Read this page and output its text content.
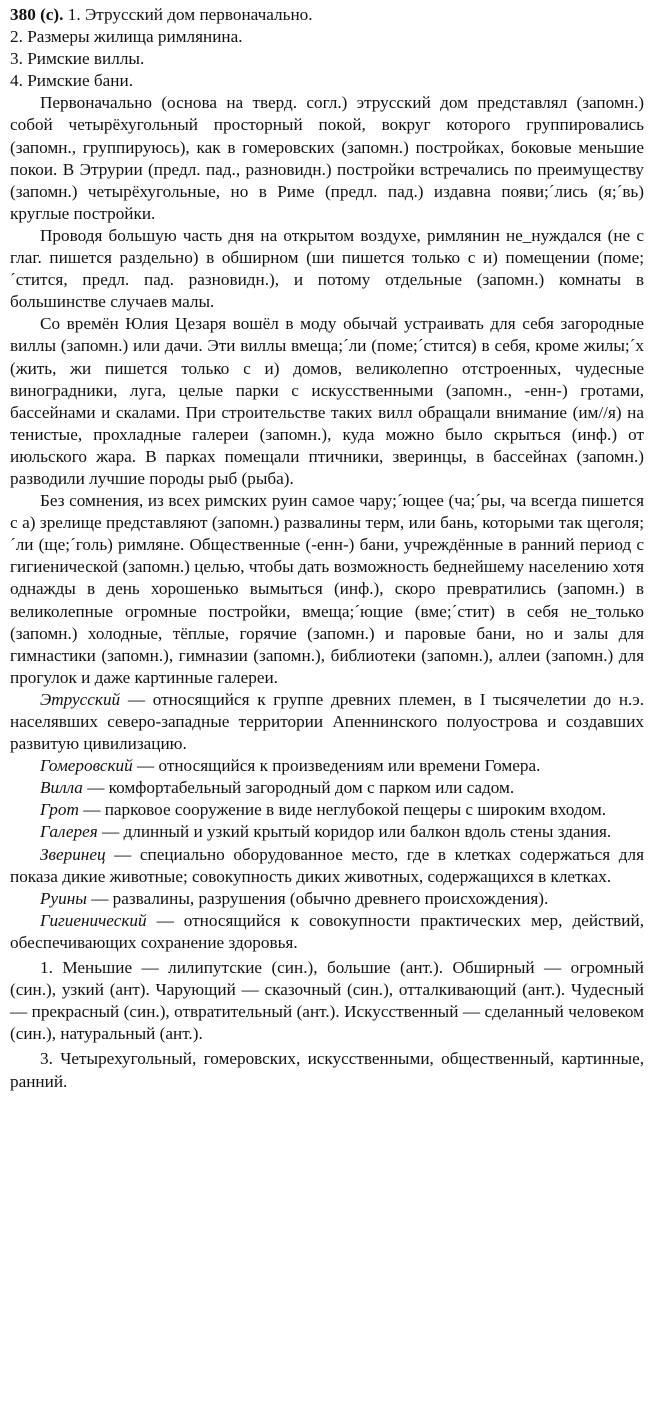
380 (с). 1. Этрусский дом первоначально.

2. Размеры жилища римлянина.

3. Римские виллы.

4. Римские бани.

Первоначально (основа на тверд. согл.) этрусский дом представлял (запомн.) собой четырёхугольный просторный покой, вокруг которого группировались (запомн., группируюсь), как в гомеровских (запомн.) постройках, боковые меньшие покои. В Этрурии (предл. пад., разновидн.) постройки встречались по преимуществу (запомн.) четырёхугольные, но в Риме (предл. пад.) издавна появи;´лись (я;´вь) круглые постройки.

Проводя большую часть дня на открытом воздухе, римлянин не_нуждался (не с глаг. пишется раздельно) в обширном (ши пишется только с и) помещении (поме;´стится, предл. пад. разновидн.), и потому отдельные (запомн.) комнаты в большинстве случаев малы.

Со времён Юлия Цезаря вошёл в моду обычай устраивать для себя загородные виллы (запомн.) или дачи. Эти виллы вмеща;´ли (поме;´стится) в себя, кроме жилы;´х (жить, жи пишется только с и) домов, великолепно отстроенных, чудесные виноградники, луга, целые парки с искусственными (запомн., -енн-) гротами, бассейнами и скалами. При строительстве таких вилл обращали внимание (им//я) на тенистые, прохладные галереи (запомн.), куда можно было скрыться (инф.) от июльского жара. В парках помещали птичники, зверинцы, в бассейнах (запомн.) разводили лучшие породы рыб (рыба).

Без сомнения, из всех римских руин самое чару;´ющее (ча;´ры, ча всегда пишется с а) зрелище представляют (запомн.) развалины терм, или бань, которыми так щеголя;´ли (ще;´голь) римляне. Общественные (-енн-) бани, учреждённые в ранний период с гигиенической (запомн.) целью, чтобы дать возможность беднейшему населению хотя однажды в день хорошенько вымыться (инф.), скоро превратились (запомн.) в великолепные огромные постройки, вмеща;´ющие (вме;´стит) в себя не_только (запомн.) холодные, тёплые, горячие (запомн.) и паровые бани, но и залы для гимнастики (запомн.), гимназии (запомн.), библиотеки (запомн.), аллеи (запомн.) для прогулок и даже картинные галереи.

Этрусский — относящийся к группе древних племен, в I тысячелетии до н.э. населявших северо-западные территории Апеннинского полуострова и создавших развитую цивилизацию.

Гомеровский — относящийся к произведениям или времени Гомера.

Вилла — комфортабельный загородный дом с парком или садом.

Грот — парковое сооружение в виде неглубокой пещеры с широким входом.

Галерея — длинный и узкий крытый коридор или балкон вдоль стены здания.

Зверинец — специально оборудованное место, где в клетках содержаться для показа дикие животные; совокупность диких животных, содержащихся в клетках.

Руины — развалины, разрушения (обычно древнего происхождения).

Гигиенический — относящийся к совокупности практических мер, действий, обеспечивающих сохранение здоровья.

1. Меньшие — лилипутские (син.), большие (ант.). Обширный — огромный (син.), узкий (ант). Чарующий — сказочный (син.), отталкивающий (ант.). Чудесный — прекрасный (син.), отвратительный (ант.). Искусственный — сделанный человеком (син.), натуральный (ант.).

3. Четырехугольный, гомеровских, искусственными, общественный, картинные, ранний.
